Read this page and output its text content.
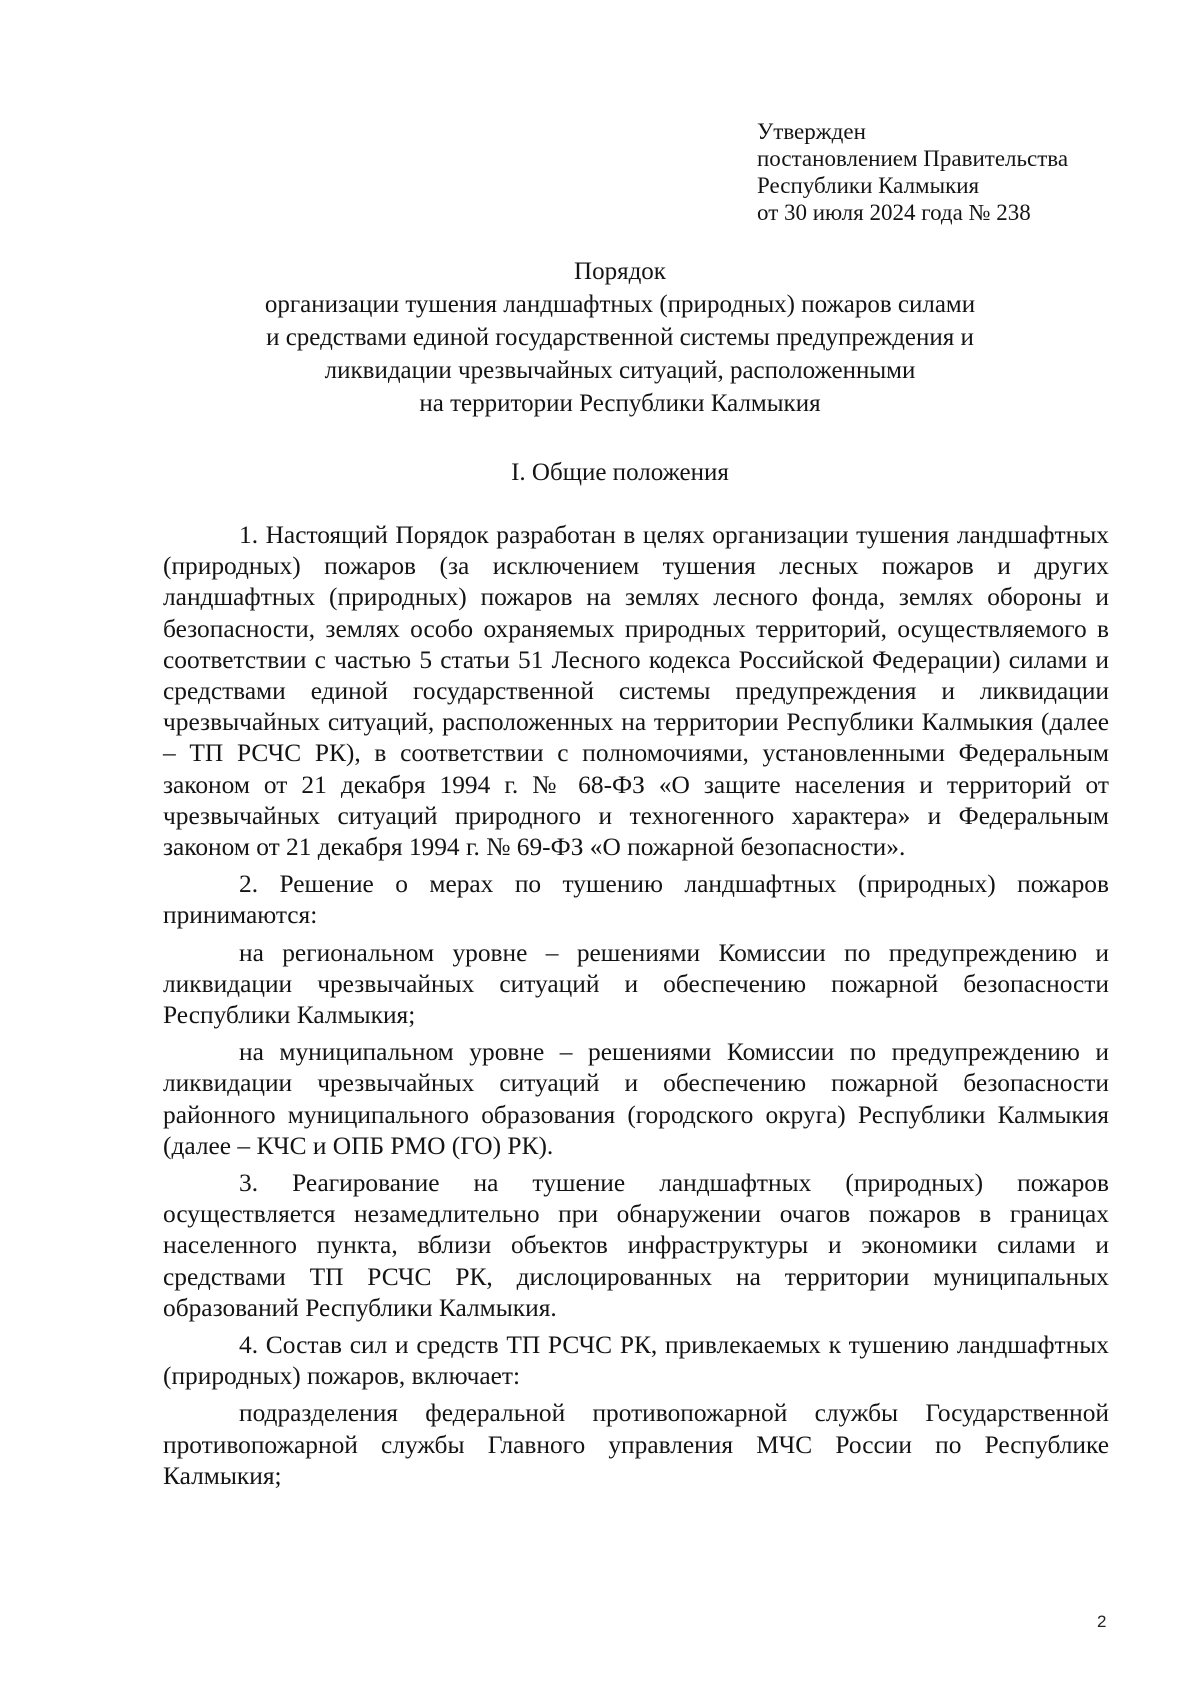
Утвержден
постановлением Правительства
Республики Калмыкия
от 30 июля 2024 года № 238
Порядок
организации тушения ландшафтных (природных) пожаров силами
и средствами единой государственной системы предупреждения и
ликвидации чрезвычайных ситуаций, расположенными
на территории Республики Калмыкия
I. Общие положения

1. Настоящий Порядок разработан в целях организации тушения ландшафтных (природных) пожаров (за исключением тушения лесных пожаров и других ландшафтных (природных) пожаров на землях лесного фонда, землях обороны и безопасности, землях особо охраняемых природных территорий, осуществляемого в соответствии с частью 5 статьи 51 Лесного кодекса Российской Федерации) силами и средствами единой государственной системы предупреждения и ликвидации чрезвычайных ситуаций, расположенных на территории Республики Калмыкия (далее – ТП РСЧС РК), в соответствии с полномочиями, установленными Федеральным законом от 21 декабря 1994 г. № 68-ФЗ «О защите населения и территорий от чрезвычайных ситуаций природного и техногенного характера» и Федеральным законом от 21 декабря 1994 г. № 69-ФЗ «О пожарной безопасности».

2. Решение о мерах по тушению ландшафтных (природных) пожаров принимаются:

на региональном уровне – решениями Комиссии по предупреждению и ликвидации чрезвычайных ситуаций и обеспечению пожарной безопасности Республики Калмыкия;

на муниципальном уровне – решениями Комиссии по предупреждению и ликвидации чрезвычайных ситуаций и обеспечению пожарной безопасности районного муниципального образования (городского округа) Республики Калмыкия (далее – КЧС и ОПБ РМО (ГО) РК).

3. Реагирование на тушение ландшафтных (природных) пожаров осуществляется незамедлительно при обнаружении очагов пожаров в границах населенного пункта, вблизи объектов инфраструктуры и экономики силами и средствами ТП РСЧС РК, дислоцированных на территории муниципальных образований Республики Калмыкия.

4. Состав сил и средств ТП РСЧС РК, привлекаемых к тушению ландшафтных (природных) пожаров, включает:

подразделения федеральной противопожарной службы Государственной противопожарной службы Главного управления МЧС России по Республике Калмыкия;

2
